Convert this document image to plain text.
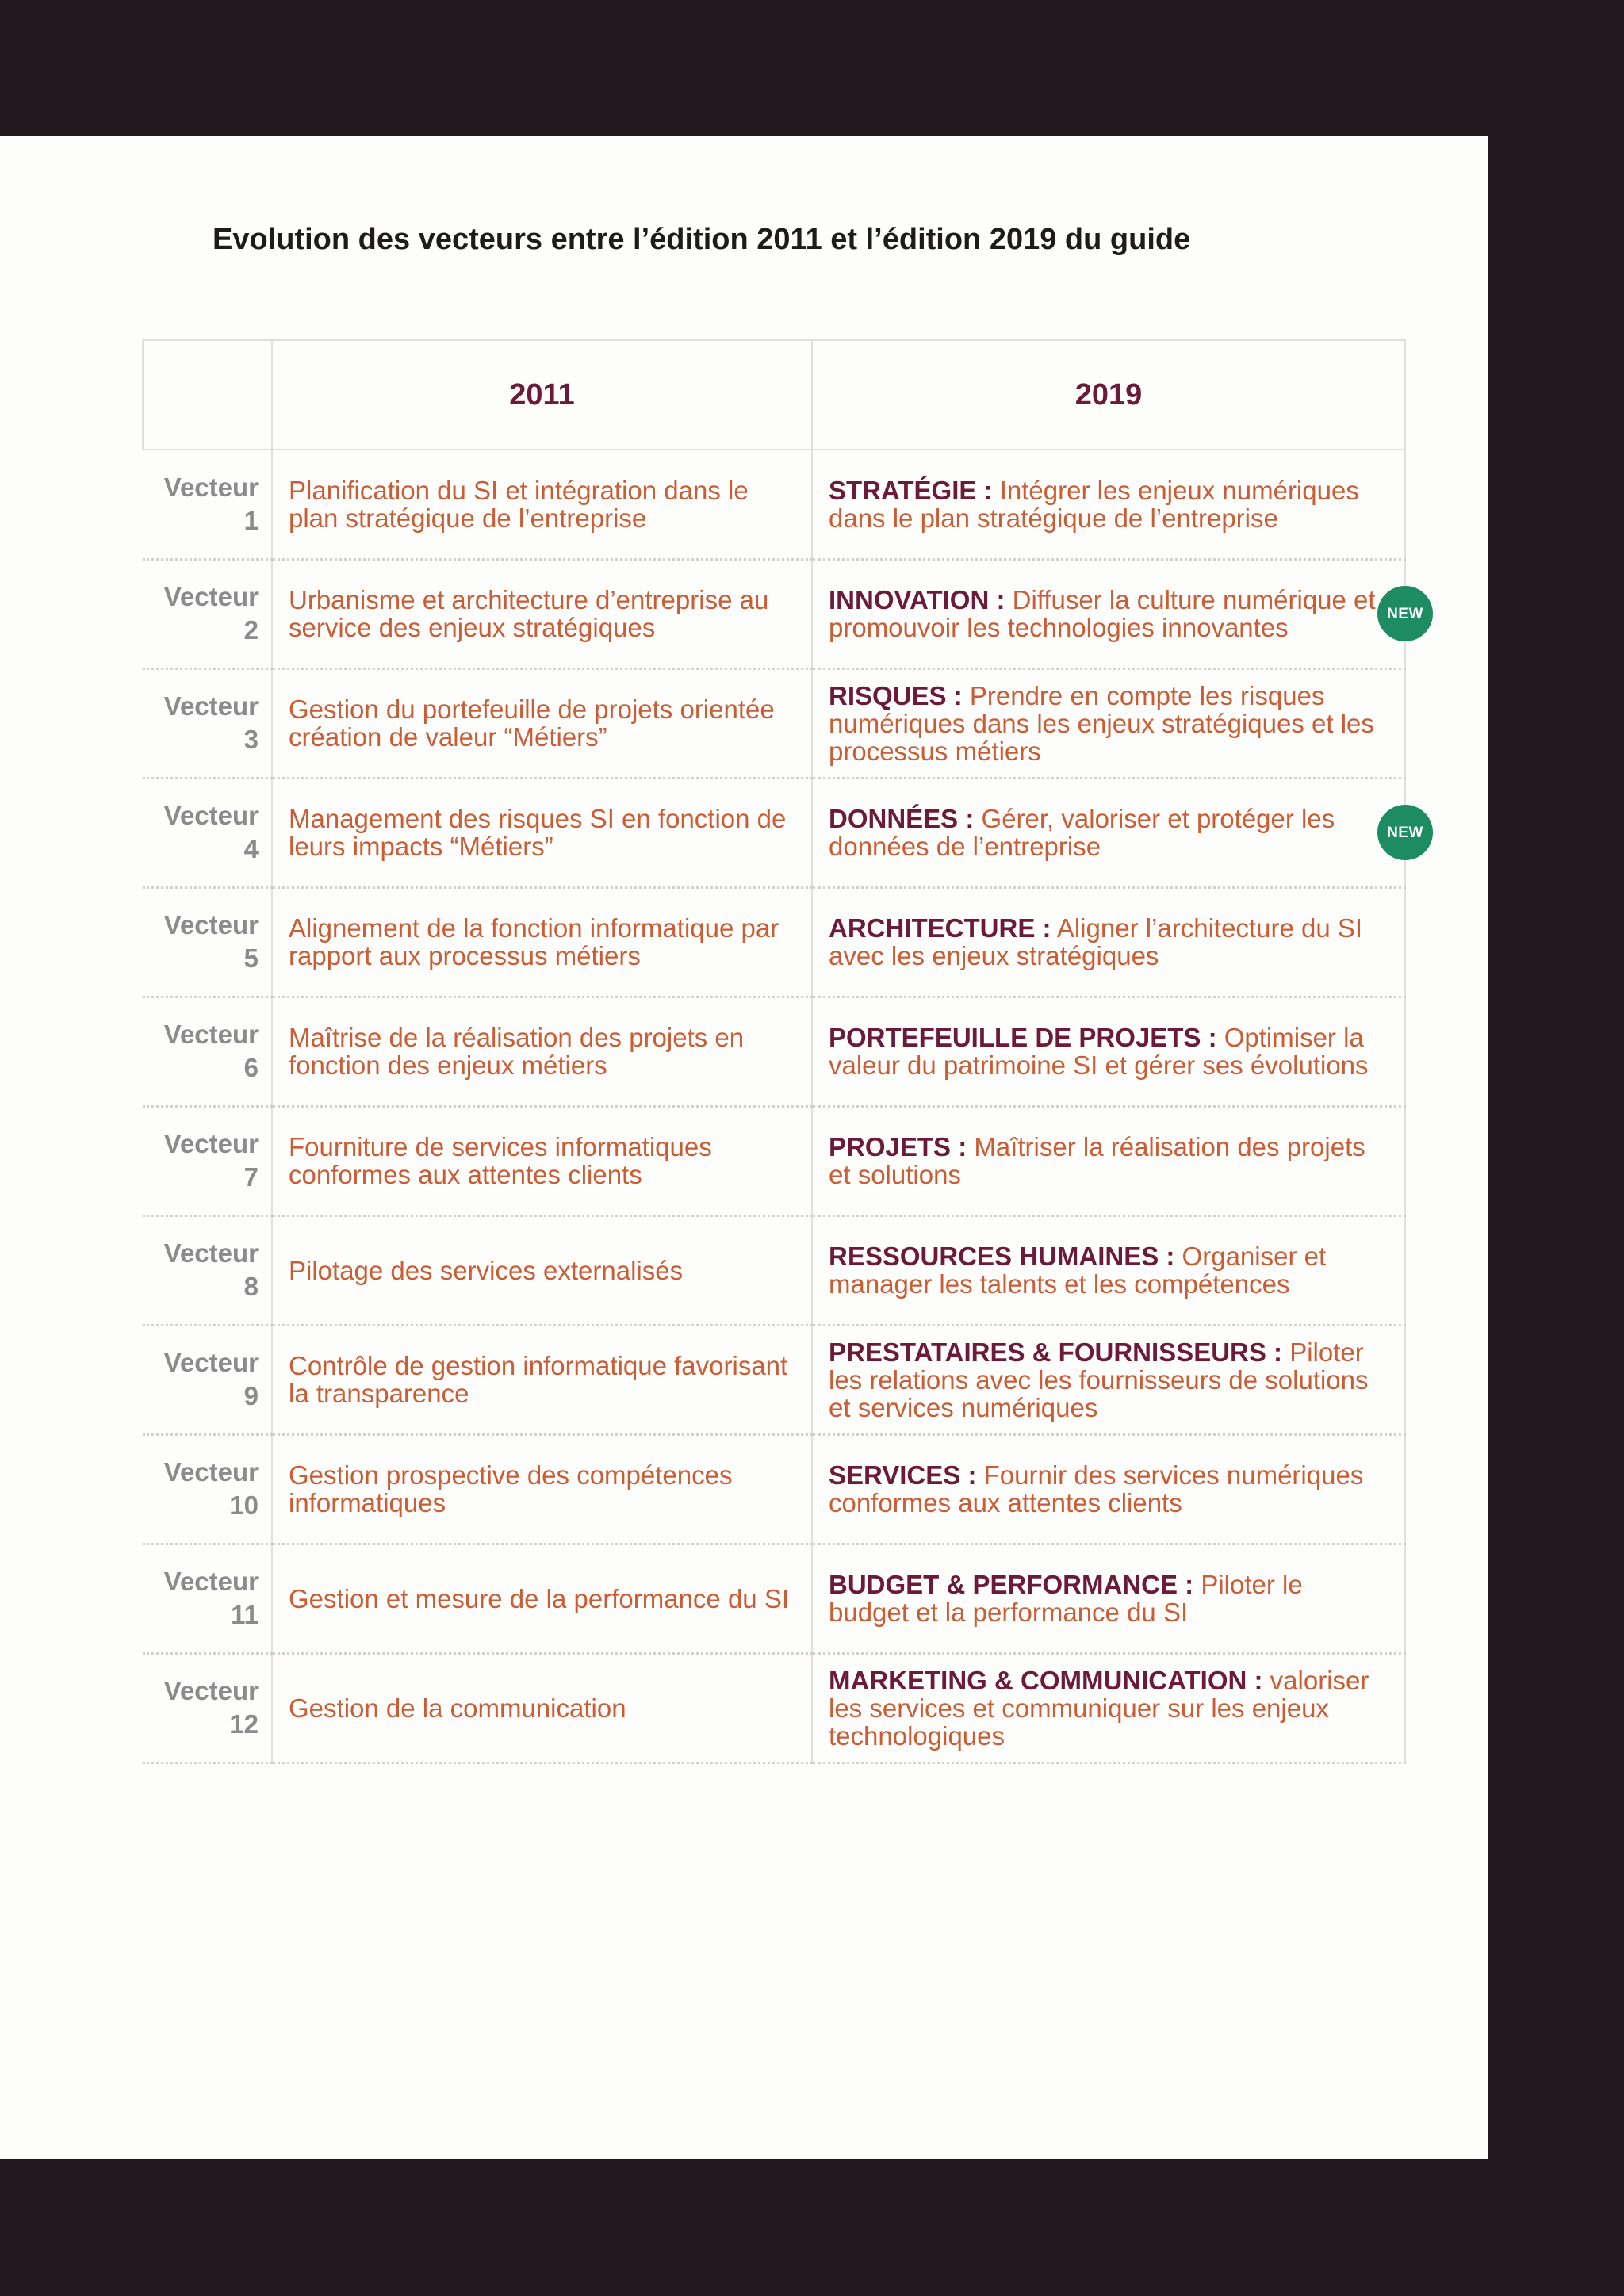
Evolution des vecteurs entre l’édition 2011 et l’édition 2019 du guide
	2011	2019

Vecteur
1	Planification du SI et intégration dans le plan stratégique de l’entreprise	STRATÉGIE : Intégrer les enjeux numériques dans le plan stratégique de l’entreprise

Vecteur
2	Urbanisme et architecture d’entreprise au service des enjeux stratégiques	INNOVATION : Diffuser la culture numérique et promouvoir les technologies innovantes NEW

Vecteur
3	Gestion du portefeuille de projets orientée création de valeur “Métiers”	RISQUES : Prendre en compte les risques numériques dans les enjeux stratégiques et les processus métiers

Vecteur
4	Management des risques SI en fonction de leurs impacts “Métiers”	DONNÉES : Gérer, valoriser et protéger les données de l’entreprise NEW

Vecteur
5	Alignement de la fonction informatique par rapport aux processus métiers	ARCHITECTURE : Aligner l’architecture du SI avec les enjeux stratégiques

Vecteur
6	Maîtrise de la réalisation des projets en fonction des enjeux métiers	PORTEFEUILLE DE PROJETS : Optimiser la valeur du patrimoine SI et gérer ses évolutions

Vecteur
7	Fourniture de services informatiques conformes aux attentes clients	PROJETS : Maîtriser la réalisation des projets et solutions

Vecteur
8	Pilotage des services externalisés	RESSOURCES HUMAINES : Organiser et manager les talents et les compétences

Vecteur
9	Contrôle de gestion informatique favorisant la transparence	PRESTATAIRES & FOURNISSEURS : Piloter les relations avec les fournisseurs de solutions et services numériques

Vecteur
10	Gestion prospective des compétences informatiques	SERVICES : Fournir des services numériques conformes aux attentes clients

Vecteur
11	Gestion et mesure de la performance du SI	BUDGET & PERFORMANCE : Piloter le budget et la performance du SI

Vecteur
12	Gestion de la communication	MARKETING & COMMUNICATION : valoriser les services et communiquer sur les enjeux technologiques
